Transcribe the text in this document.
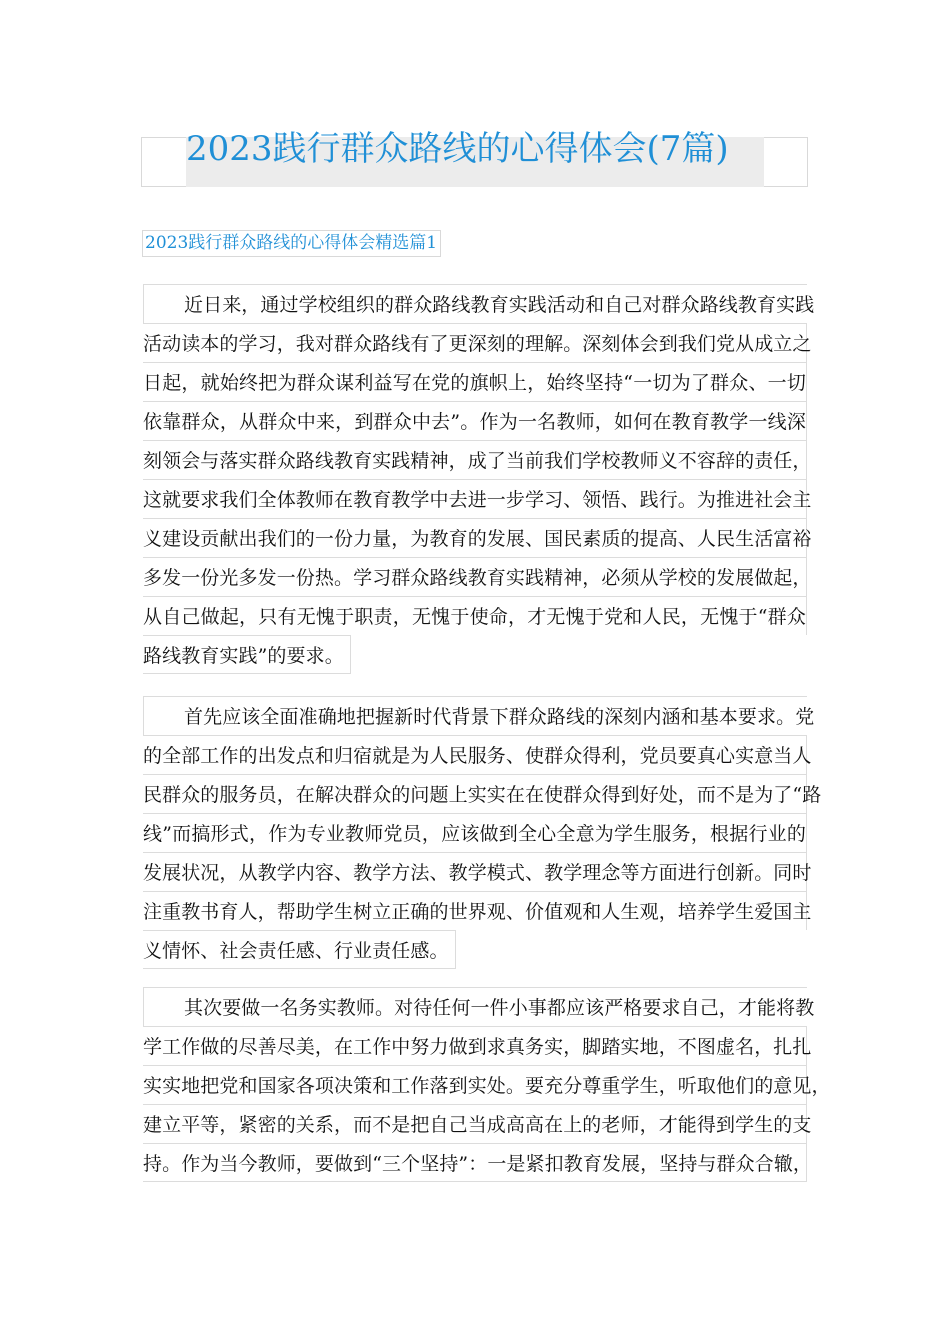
2023践行群众路线的心得体会(7篇)
2023践行群众路线的心得体会精选篇1
近日来，通过学校组织的群众路线教育实践活动和自己对群众路线教育实践
活动读本的学习，我对群众路线有了更深刻的理解。深刻体会到我们党从成立之
日起，就始终把为群众谋利益写在党的旗帜上，始终坚持“一切为了群众、一切
依靠群众，从群众中来，到群众中去”。作为一名教师，如何在教育教学一线深
刻领会与落实群众路线教育实践精神，成了当前我们学校教师义不容辞的责任，
这就要求我们全体教师在教育教学中去进一步学习、领悟、践行。为推进社会主
义建设贡献出我们的一份力量，为教育的发展、国民素质的提高、人民生活富裕
多发一份光多发一份热。学习群众路线教育实践精神，必须从学校的发展做起，
从自己做起，只有无愧于职责，无愧于使命，才无愧于党和人民，无愧于“群众
路线教育实践”的要求。
首先应该全面准确地把握新时代背景下群众路线的深刻内涵和基本要求。党
的全部工作的出发点和归宿就是为人民服务、使群众得利，党员要真心实意当人
民群众的服务员，在解决群众的问题上实实在在使群众得到好处，而不是为了“路
线”而搞形式，作为专业教师党员，应该做到全心全意为学生服务，根据行业的
发展状况，从教学内容、教学方法、教学模式、教学理念等方面进行创新。同时
注重教书育人，帮助学生树立正确的世界观、价值观和人生观，培养学生爱国主
义情怀、社会责任感、行业责任感。
其次要做一名务实教师。对待任何一件小事都应该严格要求自己，才能将教
学工作做的尽善尽美，在工作中努力做到求真务实，脚踏实地，不图虚名，扎扎
实实地把党和国家各项决策和工作落到实处。要充分尊重学生，听取他们的意见，
建立平等，紧密的关系，而不是把自己当成高高在上的老师，才能得到学生的支
持。作为当今教师，要做到“三个坚持”：一是紧扣教育发展，坚持与群众合辙，
